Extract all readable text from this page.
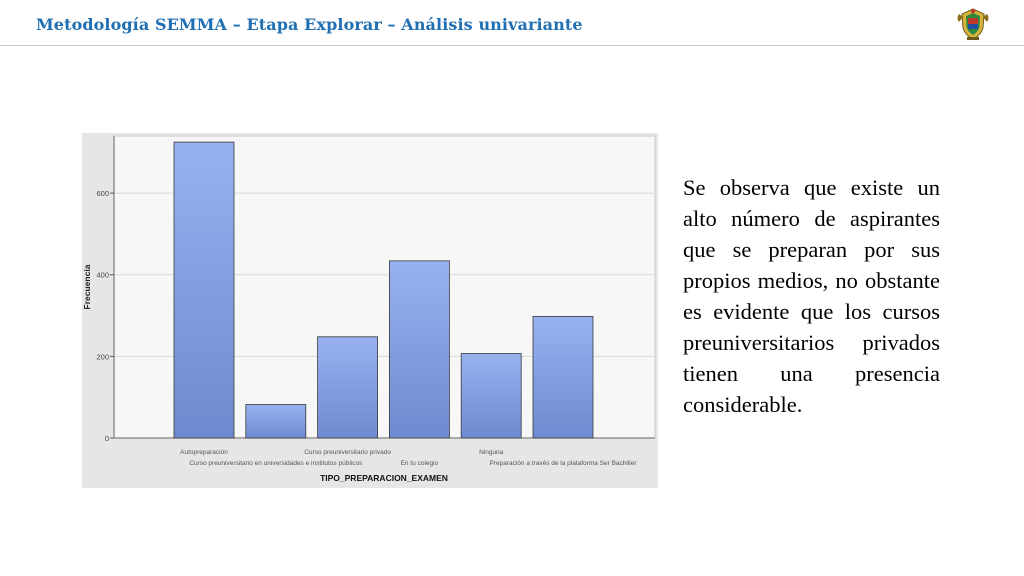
Metodología SEMMA – Etapa Explorar – Análisis univariante
0
200
400
600
Autopreparación
Curso preuniversitario en universidades e institutos públicos
Curso preuniversitario privado
En tu colegio
Ninguna
Preparación a través de la plataforma Ser Bachiller
Frecuencia
TIPO_PREPARACION_EXAMEN
Se observa que existe un alto número de aspirantes que se preparan por sus propios medios, no obstante es evidente que los cursos preuniversitarios privados tienen una presencia considerable.
